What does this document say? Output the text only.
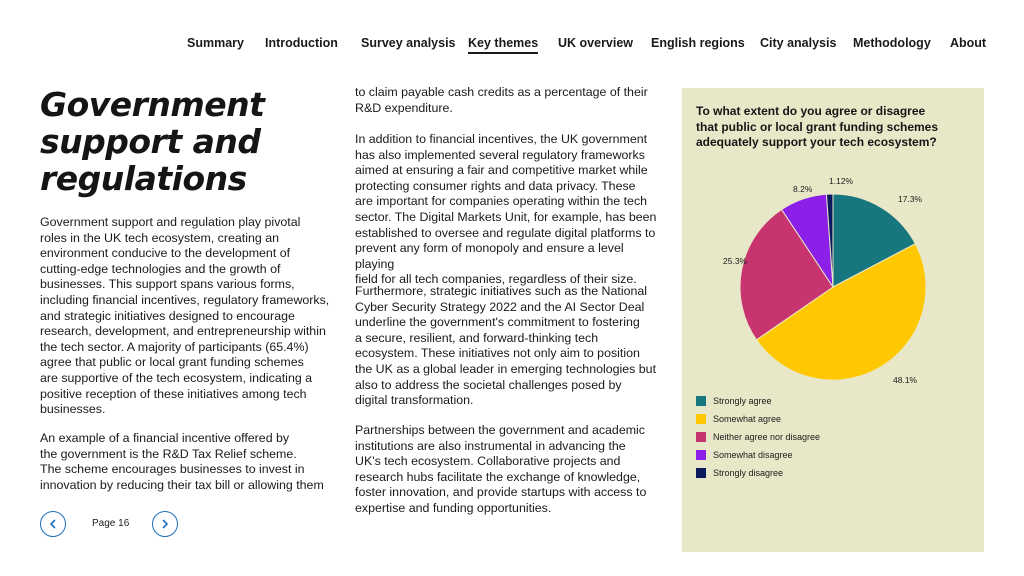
Summary Introduction Survey analysis Key themes UK overview English regions City analysis Methodology About
Government
support and
regulations
Government support and regulation play pivotal
roles in the UK tech ecosystem, creating an
environment conducive to the development of
cutting-edge technologies and the growth of
businesses. This support spans various forms,
including financial incentives, regulatory frameworks,
and strategic initiatives designed to encourage
research, development, and entrepreneurship within
the tech sector. A majority of participants (65.4%)
agree that public or local grant funding schemes
are supportive of the tech ecosystem, indicating a
positive reception of these initiatives among tech
businesses.
An example of a financial incentive offered by
the government is the R&D Tax Relief scheme.
The scheme encourages businesses to invest in
innovation by reducing their tax bill or allowing them
Page 16
to claim payable cash credits as a percentage of their
R&D expenditure.
In addition to financial incentives, the UK government
has also implemented several regulatory frameworks
aimed at ensuring a fair and competitive market while
protecting consumer rights and data privacy. These
are important for companies operating within the tech
sector. The Digital Markets Unit, for example, has been
established to oversee and regulate digital platforms to
prevent any form of monopoly and ensure a level playing
field for all tech companies, regardless of their size.
Furthermore, strategic initiatives such as the National
Cyber Security Strategy 2022 and the AI Sector Deal
underline the government's commitment to fostering
a secure, resilient, and forward-thinking tech
ecosystem. These initiatives not only aim to position
the UK as a global leader in emerging technologies but
also to address the societal challenges posed by
digital transformation.
Partnerships between the government and academic
institutions are also instrumental in advancing the
UK's tech ecosystem. Collaborative projects and
research hubs facilitate the exchange of knowledge,
foster innovation, and provide startups with access to
expertise and funding opportunities.
To what extent do you agree or disagree
that public or local grant funding schemes
adequately support your tech ecosystem?
17.3%
48.1%
25.3%
8.2%
1.12%
Strongly agree
Somewhat agree
Neither agree nor disagree
Somewhat disagree
Strongly disagree
